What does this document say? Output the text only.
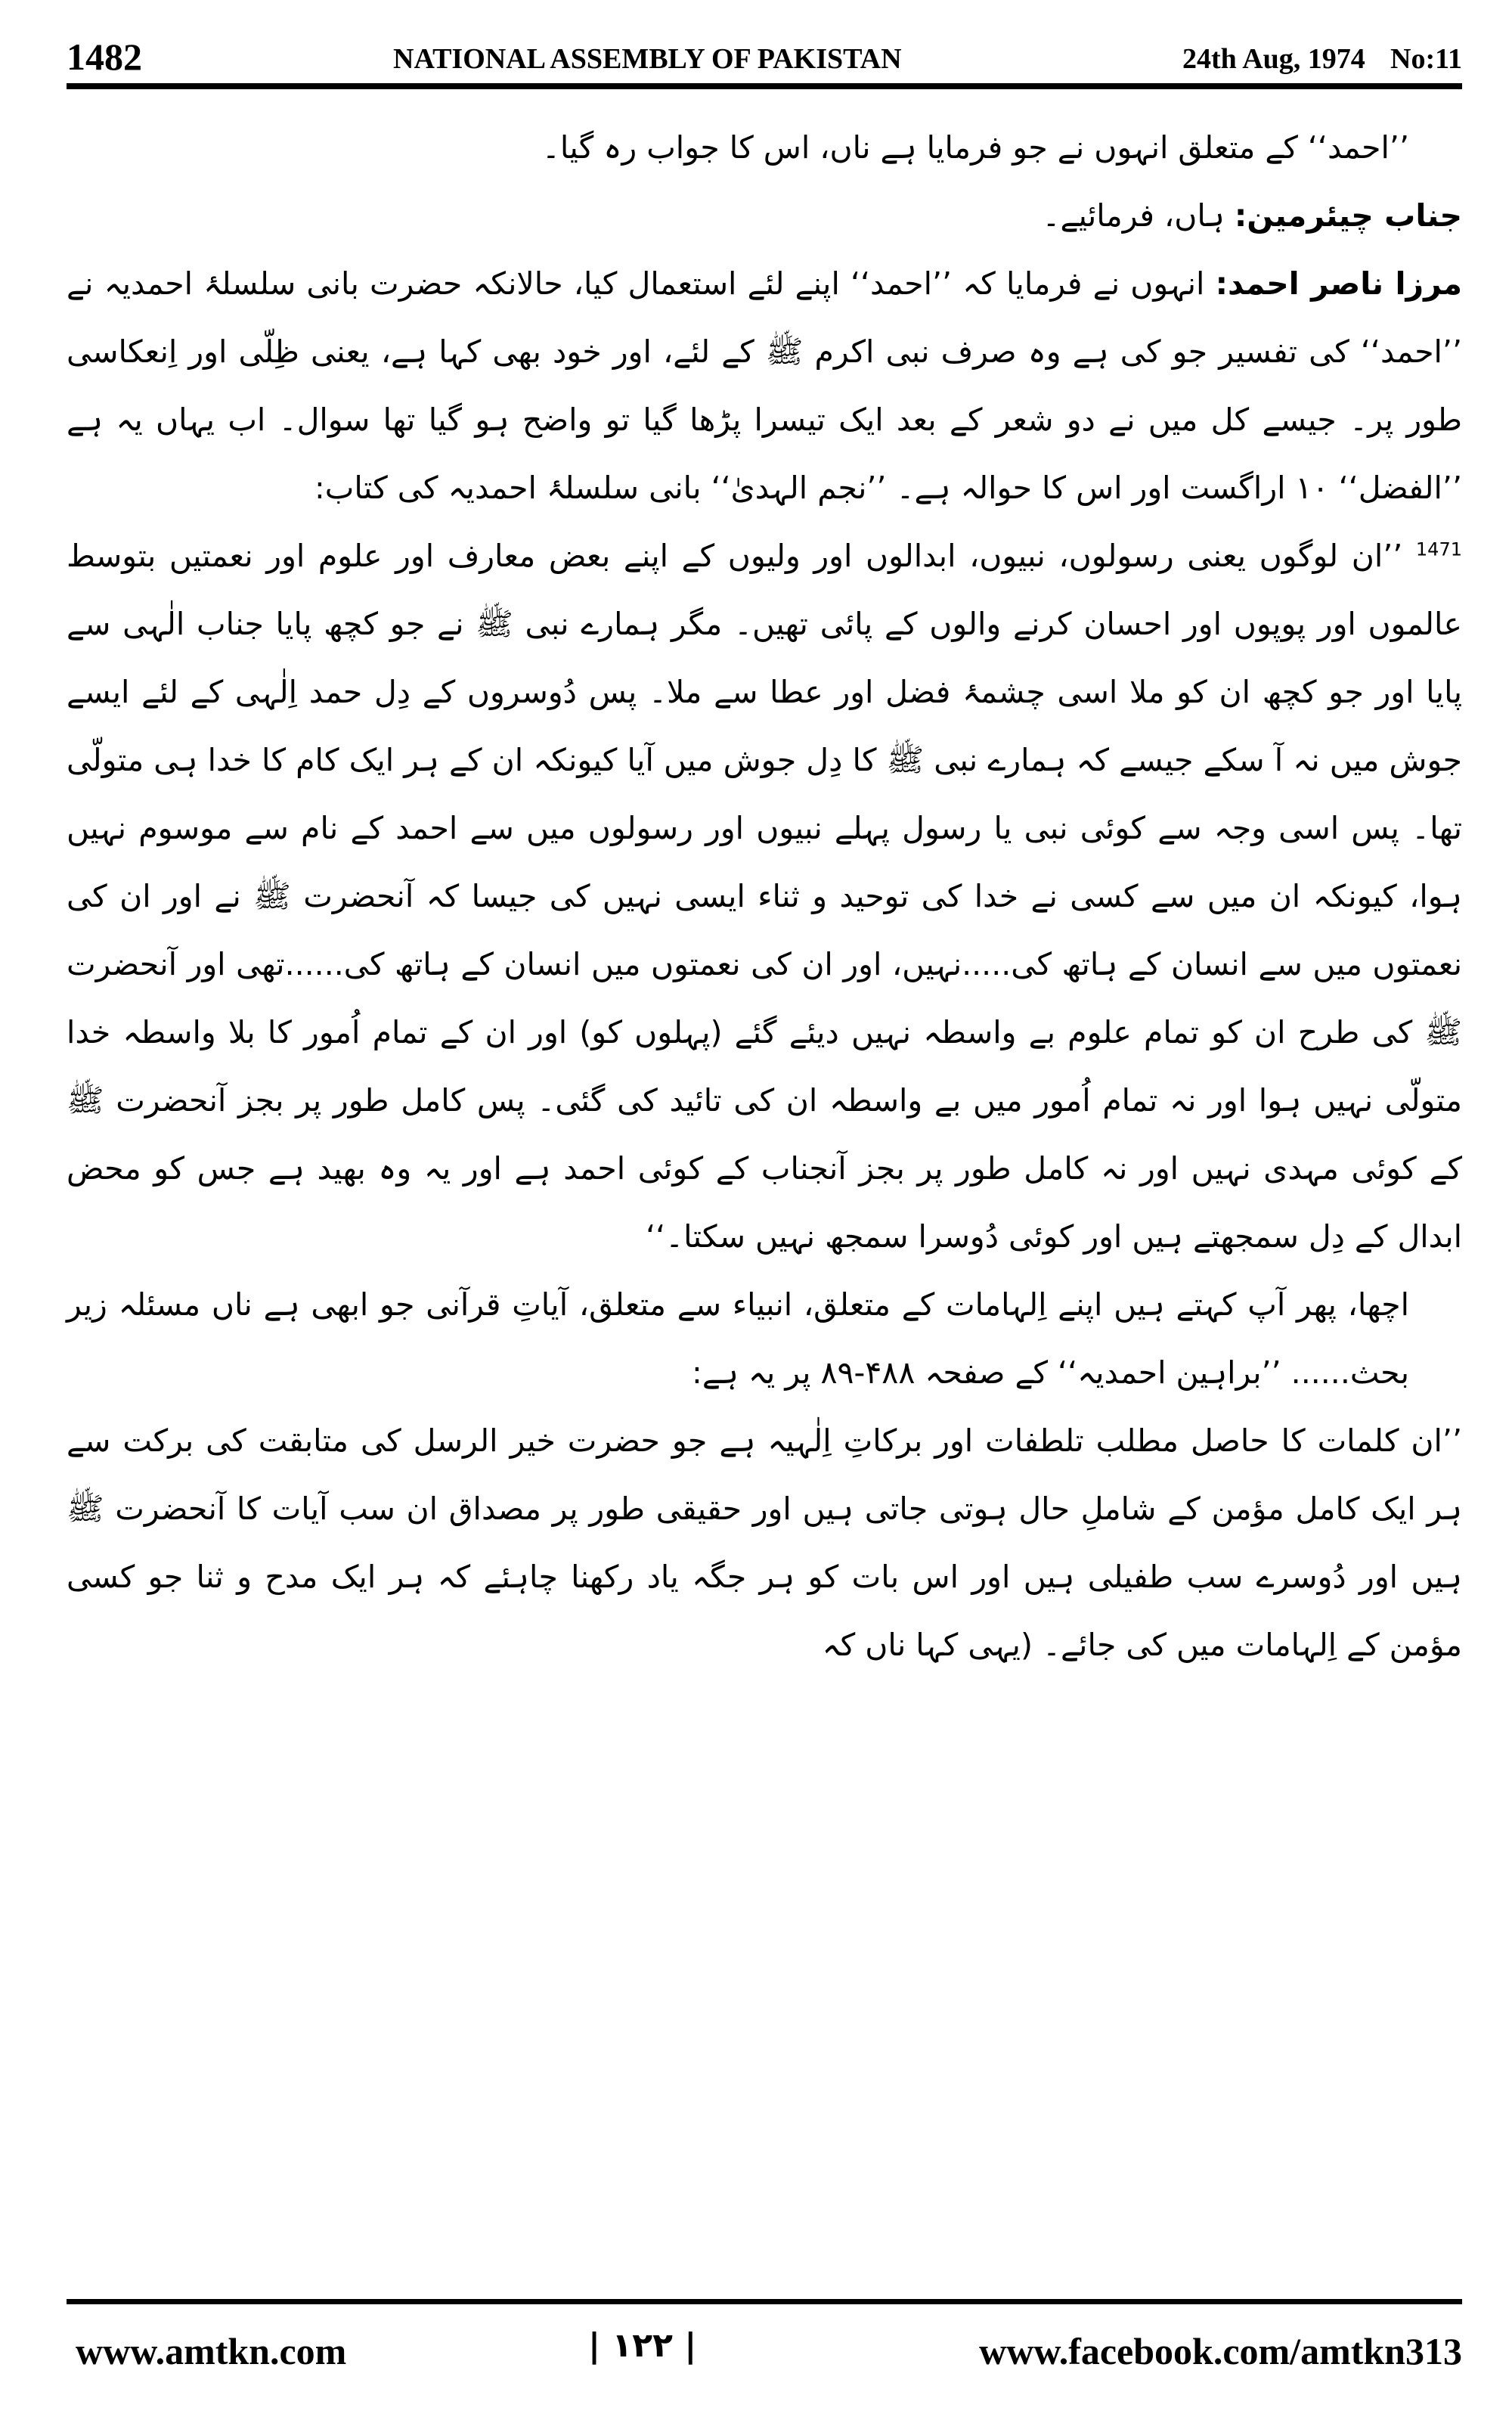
1482	NATIONAL ASSEMBLY OF PAKISTAN	24th Aug, 1974 No:11

’’احمد‘‘ کے متعلق انہوں نے جو فرمایا ہے ناں، اس کا جواب رہ گیا۔

جناب چیئرمین: ہاں، فرمائیے۔

مرزا ناصر احمد: انہوں نے فرمایا کہ ’’احمد‘‘ اپنے لئے استعمال کیا، حالانکہ حضرت بانی سلسلۂ احمدیہ نے ’’احمد‘‘ کی تفسیر جو کی ہے وہ صرف نبی اکرم ﷺ کے لئے، اور خود بھی کہا ہے، یعنی ظِلّی اور اِنعکاسی طور پر۔ جیسے کل میں نے دو شعر کے بعد ایک تیسرا پڑھا گیا تو واضح ہو گیا تھا سوال۔ اب یہاں یہ ہے ’’الفضل‘‘ ۱۰ اراگست اور اس کا حوالہ ہے۔ ’’نجم الہدیٰ‘‘ بانی سلسلۂ احمدیہ کی کتاب:

$^{1471}$ ’’ان لوگوں یعنی رسولوں، نبیوں، ابدالوں اور ولیوں کے اپنے بعض معارف اور علوم اور نعمتیں بتوسط عالموں اور پوپوں اور احسان کرنے والوں کے پائی تھیں۔ مگر ہمارے نبی ﷺ نے جو کچھ پایا جناب الٰہی سے پایا اور جو کچھ ان کو ملا اسی چشمۂ فضل اور عطا سے ملا۔ پس دُوسروں کے دِل حمد اِلٰہی کے لئے ایسے جوش میں نہ آ سکے جیسے کہ ہمارے نبی ﷺ کا دِل جوش میں آیا کیونکہ ان کے ہر ایک کام کا خدا ہی متولّی تھا۔ پس اسی وجہ سے کوئی نبی یا رسول پہلے نبیوں اور رسولوں میں سے احمد کے نام سے موسوم نہیں ہوا، کیونکہ ان میں سے کسی نے خدا کی توحید و ثناء ایسی نہیں کی جیسا کہ آنحضرت ﷺ نے اور ان کی نعمتوں میں سے انسان کے ہاتھ کی.....نہیں، اور ان کی نعمتوں میں انسان کے ہاتھ کی......تھی اور آنحضرت ﷺ کی طرح ان کو تمام علوم بے واسطہ نہیں دیئے گئے (پہلوں کو) اور ان کے تمام اُمور کا بلا واسطہ خدا متولّی نہیں ہوا اور نہ تمام اُمور میں بے واسطہ ان کی تائید کی گئی۔ پس کامل طور پر بجز آنحضرت ﷺ کے کوئی مہدی نہیں اور نہ کامل طور پر بجز آنجناب کے کوئی احمد ہے اور یہ وہ بھید ہے جس کو محض ابدال کے دِل سمجھتے ہیں اور کوئی دُوسرا سمجھ نہیں سکتا۔‘‘

اچھا، پھر آپ کہتے ہیں اپنے اِلہامات کے متعلق، انبیاء سے متعلق، آیاتِ قرآنی جو ابھی ہے ناں مسئلہ زیر بحث...... ’’براہین احمدیہ‘‘ کے صفحہ ۴۸۸-۸۹ پر یہ ہے:

’’ان کلمات کا حاصل مطلب تلطفات اور برکاتِ اِلٰہیہ ہے جو حضرت خیر الرسل کی متابقت کی برکت سے ہر ایک کامل مؤمن کے شاملِ حال ہوتی جاتی ہیں اور حقیقی طور پر مصداق ان سب آیات کا آنحضرت ﷺ ہیں اور دُوسرے سب طفیلی ہیں اور اس بات کو ہر جگہ یاد رکھنا چاہئے کہ ہر ایک مدح و ثنا جو کسی مؤمن کے اِلہامات میں کی جائے۔ (یہی کہا ناں کہ

www.amtkn.com	| ۱۲۲ |	www.facebook.com/amtkn313
